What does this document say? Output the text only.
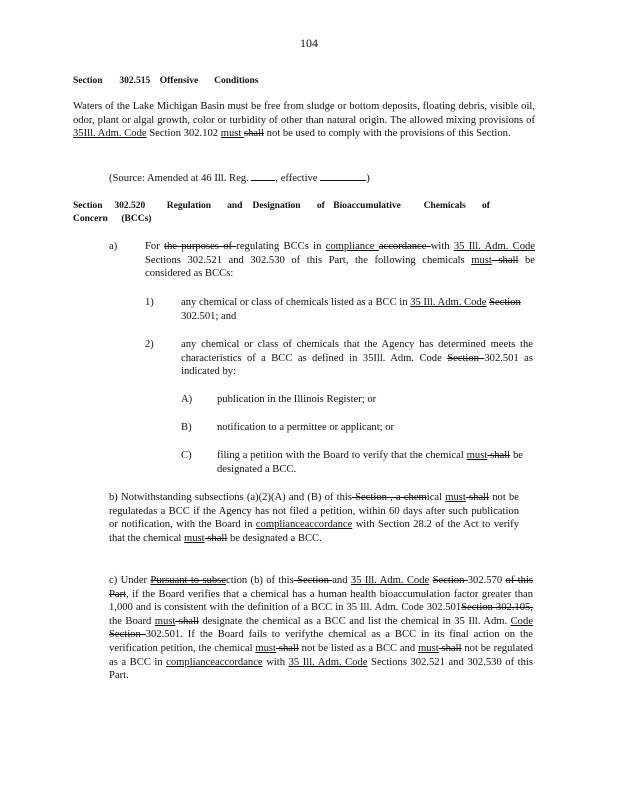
104
Section 302.515 Offensive Conditions
Waters of the Lake Michigan Basin must be free from sludge or bottom deposits, floating debris, visible oil, odor, plant or algal growth, color or turbidity of other than natural origin. The allowed mixing provisions of 35Ill. Adm. Code Section 302.102 must shall not be used to comply with the provisions of this Section.
(Source: Amended at 46 Ill. Reg. , effective	)
Section 302.520 Regulation and Designation of Bioaccumulative Chemicals of
Concern (BCCs)
a)	For the purposes of regulating BCCs in compliance accordance with 35 Ill. Adm. Code Sections 302.521 and 302.530 of this Part, the following chemicals must shall be considered as BCCs:
1)	any chemical or class of chemicals listed as a BCC in 35 Ill. Adm. Code Section 302.501; and
2)	any chemical or class of chemicals that the Agency has determined meets the characteristics of a BCC as defined in 35Ill. Adm. Code Section 302.501 as indicated by:
A) publication in the Illinois Register; or
B) notification to a permittee or applicant; or
C) filing a petition with the Board to verify that the chemical must shall be designated a BCC.
b) Notwithstanding subsections (a)(2)(A) and (B) of this Section , a chemical must shall not be regulatedas a BCC if the Agency has not filed a petition, within 60 days after such publication or notification, with the Board in complianceaccordance with Section 28.2 of the Act to verify that the chemical must shall be designated a BCC.
c) Under Pursuant to subsection (b) of this Section and 35 Ill. Adm. Code Section 302.570 of this Part, if the Board verifies that a chemical has a human health bioaccumulation factor greater than 1,000 and is consistent with the definition of a BCC in 35 Ill. Adm. Code 302.501Section 302.105, the Board must shall designate the chemical as a BCC and list the chemical in 35 Ill. Adm. Code Section 302.501. If the Board fails to verifythe chemical as a BCC in its final action on the verification petition, the chemical must shall not be listed as a BCC and must shall not be regulated as a BCC in complianceaccordance with 35 Ill. Adm. Code Sections 302.521 and 302.530 of this Part.
